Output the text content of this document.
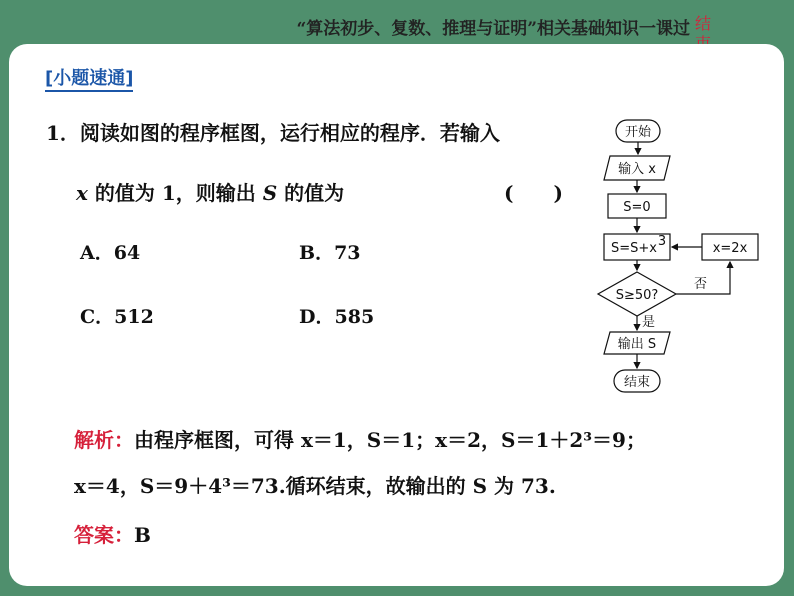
“算法初步、复数、推理与证明”相关基础知识一课过 结
[小题速通]
1．阅读如图的程序框图，运行相应的程序．若输入
x 的值为 1，则输出 S 的值为	(　　)
A．64	B．73
C．512	D．585
开始
输入 x
S=0
S=S+x 3	x=2x
S≥50?
否
是
输出 S
结束
解析：由程序框图，可得 x＝1，S＝1；x＝2，S＝1＋2³＝9；
x＝4，S＝9＋4³＝73.循环结束，故输出的 S 为 73.
答案：B
